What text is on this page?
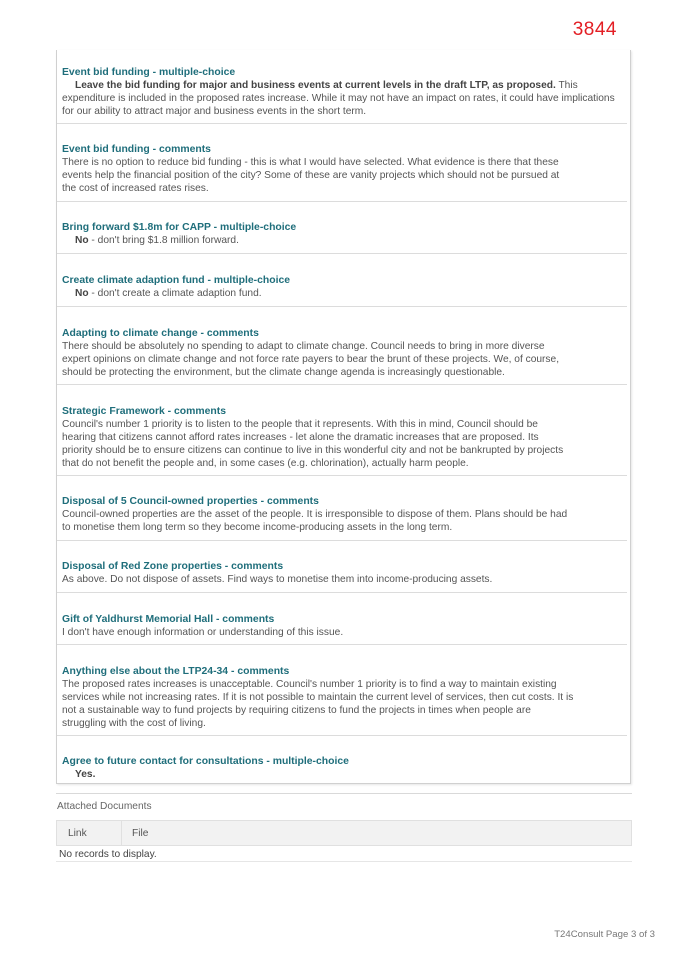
3844
Event bid funding - multiple-choice
Leave the bid funding for major and business events at current levels in the draft LTP, as proposed. This expenditure is included in the proposed rates increase. While it may not have an impact on rates, it could have implications for our ability to attract major and business events in the short term.
Event bid funding - comments
There is no option to reduce bid funding - this is what I would have selected. What evidence is there that these events help the financial position of the city? Some of these are vanity projects which should not be pursued at the cost of increased rates rises.
Bring forward $1.8m for CAPP - multiple-choice
No - don't bring $1.8 million forward.
Create climate adaption fund - multiple-choice
No - don't create a climate adaption fund.
Adapting to climate change - comments
There should be absolutely no spending to adapt to climate change. Council needs to bring in more diverse expert opinions on climate change and not force rate payers to bear the brunt of these projects. We, of course, should be protecting the environment, but the climate change agenda is increasingly questionable.
Strategic Framework - comments
Council's number 1 priority is to listen to the people that it represents. With this in mind, Council should be hearing that citizens cannot afford rates increases - let alone the dramatic increases that are proposed. Its priority should be to ensure citizens can continue to live in this wonderful city and not be bankrupted by projects that do not benefit the people and, in some cases (e.g. chlorination), actually harm people.
Disposal of 5 Council-owned properties - comments
Council-owned properties are the asset of the people. It is irresponsible to dispose of them. Plans should be had to monetise them long term so they become income-producing assets in the long term.
Disposal of Red Zone properties - comments
As above. Do not dispose of assets. Find ways to monetise them into income-producing assets.
Gift of Yaldhurst Memorial Hall - comments
I don't have enough information or understanding of this issue.
Anything else about the LTP24-34 - comments
The proposed rates increases is unacceptable. Council's number 1 priority is to find a way to maintain existing services while not increasing rates. If it is not possible to maintain the current level of services, then cut costs. It is not a sustainable way to fund projects by requiring citizens to fund the projects in times when people are struggling with the cost of living.
Agree to future contact for consultations - multiple-choice
Yes.
Attached Documents
Link	File
No records to display.
T24Consult Page 3 of 3
